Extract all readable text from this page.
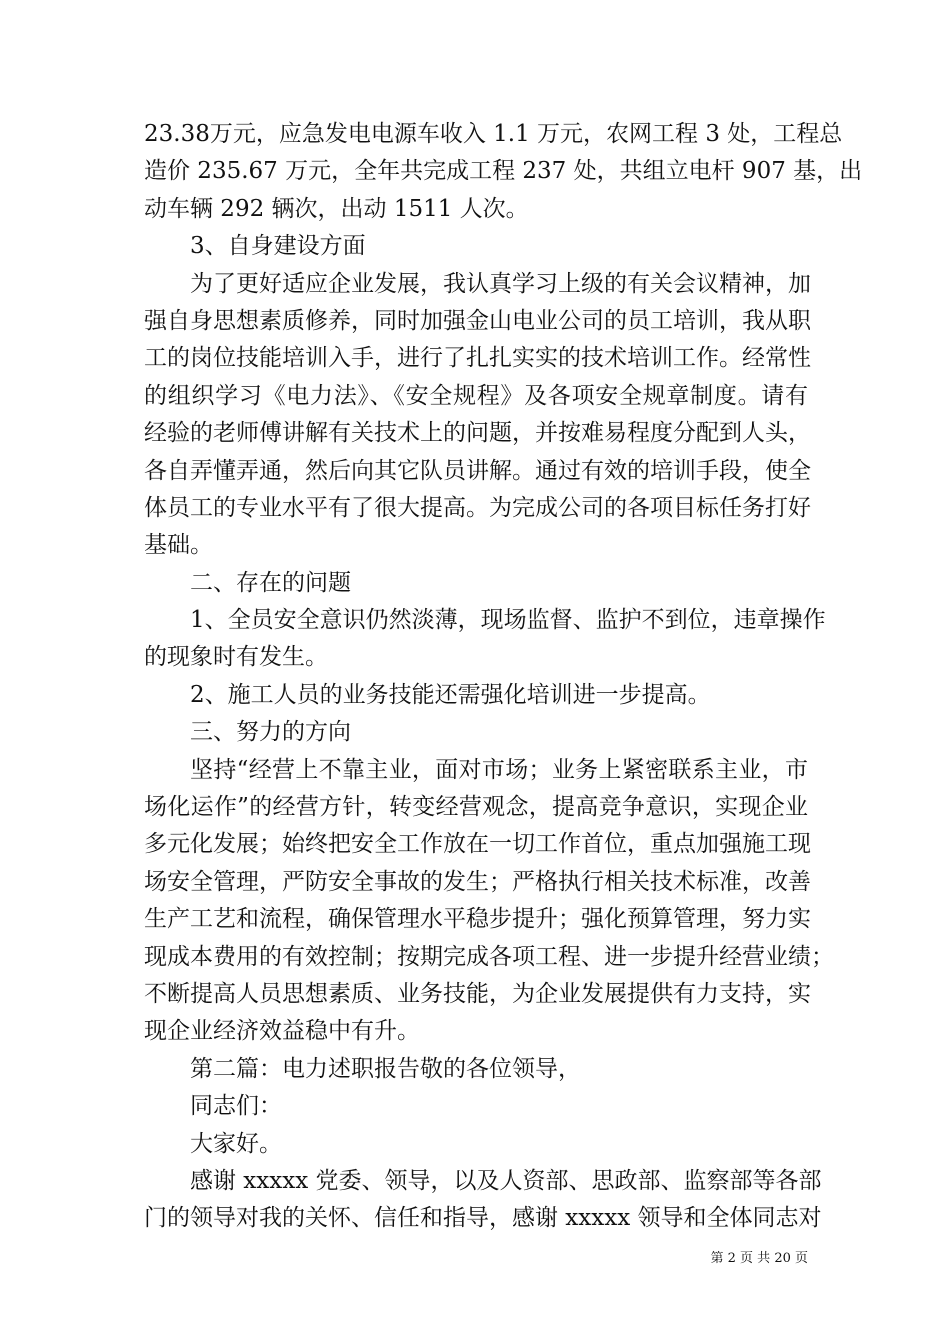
23.38万元，应急发电电源车收入 1.1 万元，农网工程 3 处，工程总
造价 235.67 万元，全年共完成工程 237 处，共组立电杆 907 基，出
动车辆 292 辆次，出动 1511 人次。
3、自身建设方面
为了更好适应企业发展，我认真学习上级的有关会议精神，加
强自身思想素质修养，同时加强金山电业公司的员工培训，我从职
工的岗位技能培训入手，进行了扎扎实实的技术培训工作。经常性
的组织学习《电力法》、《安全规程》及各项安全规章制度。请有
经验的老师傅讲解有关技术上的问题，并按难易程度分配到人头，
各自弄懂弄通，然后向其它队员讲解。通过有效的培训手段，使全
体员工的专业水平有了很大提高。为完成公司的各项目标任务打好
基础。
二、存在的问题
1、全员安全意识仍然淡薄，现场监督、监护不到位，违章操作
的现象时有发生。
2、施工人员的业务技能还需强化培训进一步提高。
三、努力的方向
坚持“经营上不靠主业，面对市场；业务上紧密联系主业，市
场化运作”的经营方针，转变经营观念，提高竞争意识，实现企业
多元化发展；始终把安全工作放在一切工作首位，重点加强施工现
场安全管理，严防安全事故的发生；严格执行相关技术标准，改善
生产工艺和流程，确保管理水平稳步提升；强化预算管理，努力实
现成本费用的有效控制；按期完成各项工程、进一步提升经营业绩；
不断提高人员思想素质、业务技能，为企业发展提供有力支持，实
现企业经济效益稳中有升。
第二篇：电力述职报告敬的各位领导，
同志们：
大家好。
感谢 xxxxx 党委、领导，以及人资部、思政部、监察部等各部
门的领导对我的关怀、信任和指导，感谢 xxxxx 领导和全体同志对
第 2 页 共 20 页
